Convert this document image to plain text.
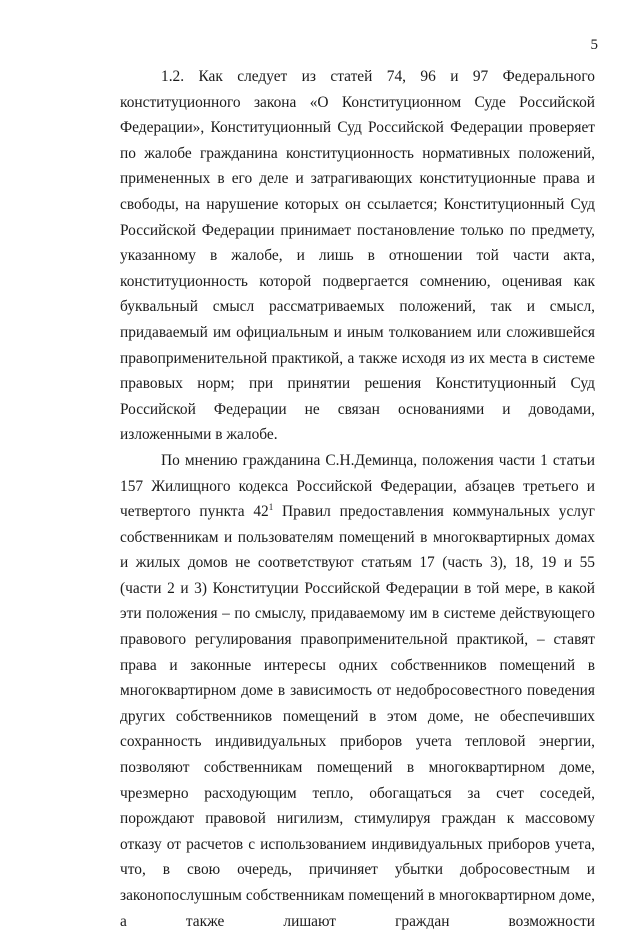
5

1.2. Как следует из статей 74, 96 и 97 Федерального конституционного закона «О Конституционном Суде Российской Федерации», Конституционный Суд Российской Федерации проверяет по жалобе гражданина конституционность нормативных положений, примененных в его деле и затрагивающих конституционные права и свободы, на нарушение которых он ссылается; Конституционный Суд Российской Федерации принимает постановление только по предмету, указанному в жалобе, и лишь в отношении той части акта, конституционность которой подвергается сомнению, оценивая как буквальный смысл рассматриваемых положений, так и смысл, придаваемый им официальным и иным толкованием или сложившейся правоприменительной практикой, а также исходя из их места в системе правовых норм; при принятии решения Конституционный Суд Российской Федерации не связан основаниями и доводами, изложенными в жалобе.

По мнению гражданина С.Н.Деминца, положения части 1 статьи 157 Жилищного кодекса Российской Федерации, абзацев третьего и четвертого пункта $42^1$ Правил предоставления коммунальных услуг собственникам и пользователям помещений в многоквартирных домах и жилых домов не соответствуют статьям 17 (часть 3), 18, 19 и 55 (части 2 и 3) Конституции Российской Федерации в той мере, в какой эти положения – по смыслу, придаваемому им в системе действующего правового регулирования правоприменительной практикой, – ставят права и законные интересы одних собственников помещений в многоквартирном доме в зависимость от недобросовестного поведения других собственников помещений в этом доме, не обеспечивших сохранность индивидуальных приборов учета тепловой энергии, позволяют собственникам помещений в многоквартирном доме, чрезмерно расходующим тепло, обогащаться за счет соседей, порождают правовой нигилизм, стимулируя граждан к массовому отказу от расчетов с использованием индивидуальных приборов учета, что, в свою очередь, причиняет убытки добросовестным и законопослушным собственникам помещений в многоквартирном доме, а также лишают граждан возможности
